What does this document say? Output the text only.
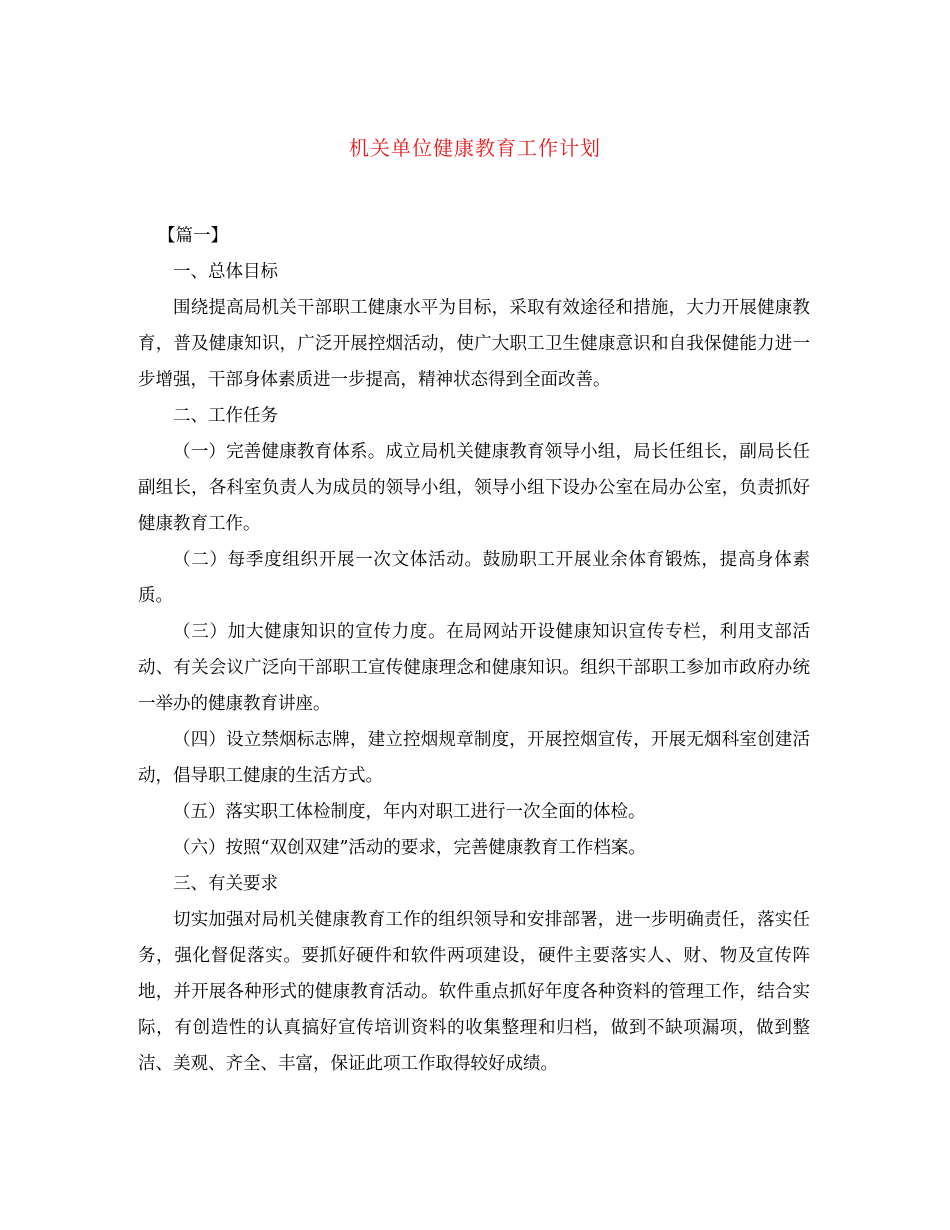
机关单位健康教育工作计划

【篇一】

一、总体目标

围绕提高局机关干部职工健康水平为目标，采取有效途径和措施，大力开展健康教育，普及健康知识，广泛开展控烟活动，使广大职工卫生健康意识和自我保健能力进一步增强，干部身体素质进一步提高，精神状态得到全面改善。

二、工作任务

（一）完善健康教育体系。成立局机关健康教育领导小组，局长任组长，副局长任副组长，各科室负责人为成员的领导小组，领导小组下设办公室在局办公室，负责抓好健康教育工作。

（二）每季度组织开展一次文体活动。鼓励职工开展业余体育锻炼，提高身体素质。

（三）加大健康知识的宣传力度。在局网站开设健康知识宣传专栏，利用支部活动、有关会议广泛向干部职工宣传健康理念和健康知识。组织干部职工参加市政府办统一举办的健康教育讲座。

（四）设立禁烟标志牌，建立控烟规章制度，开展控烟宣传，开展无烟科室创建活动，倡导职工健康的生活方式。

（五）落实职工体检制度，年内对职工进行一次全面的体检。

（六）按照“双创双建”活动的要求，完善健康教育工作档案。

三、有关要求

切实加强对局机关健康教育工作的组织领导和安排部署，进一步明确责任，落实任务，强化督促落实。要抓好硬件和软件两项建设，硬件主要落实人、财、物及宣传阵地，并开展各种形式的健康教育活动。软件重点抓好年度各种资料的管理工作，结合实际，有创造性的认真搞好宣传培训资料的收集整理和归档，做到不缺项漏项，做到整洁、美观、齐全、丰富，保证此项工作取得较好成绩。
